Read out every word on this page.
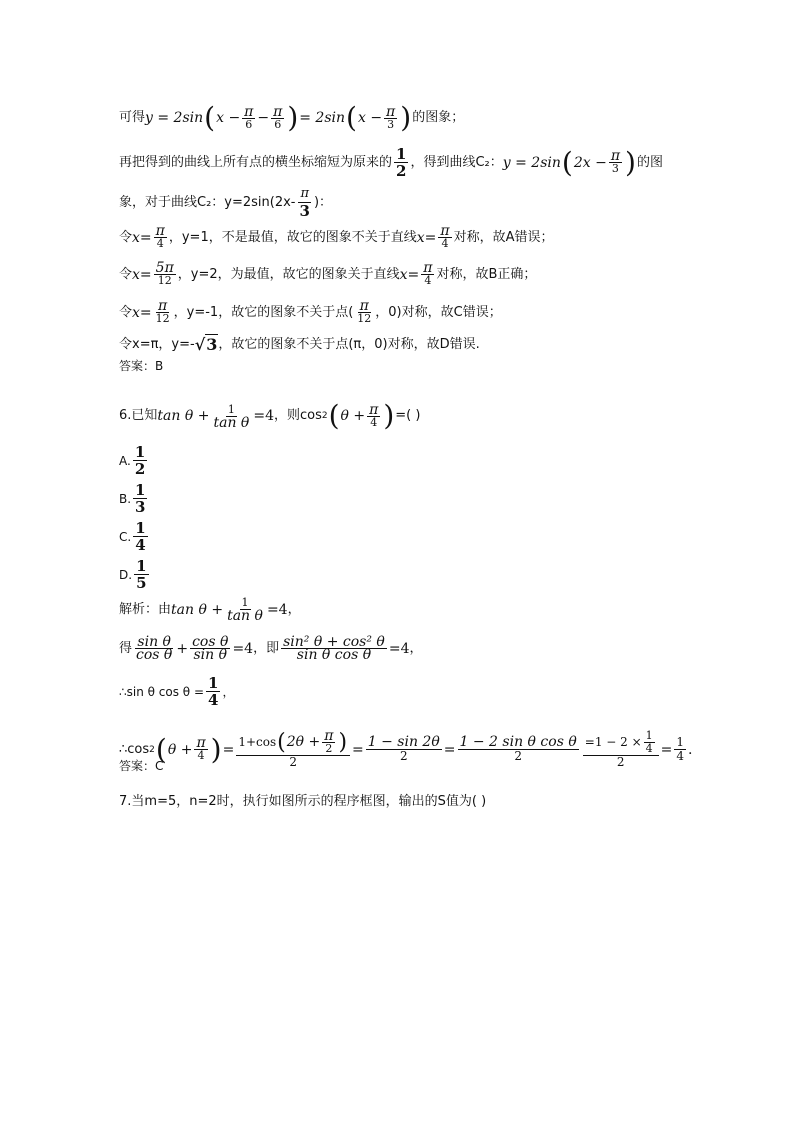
可得 y = 2sin ( $x - \frac{\pi}{6} - \frac{\pi}{6}$ ) = 2sin ( $x - \frac{\pi}{3}$ ) 的图象；
再把得到的曲线上所有点的横坐标缩短为原来的 $\frac{1}{2}$ ，得到曲线C₂： y = 2sin ( $2x - \frac{\pi}{3}$ ) 的图
象，对于曲线C₂：$y=2\sin(2x- \frac{\pi}{3}$ )：
令 $x= \frac{\pi}{4}$ ，y=1，不是最值，故它的图象不关于直线 $x= \frac{\pi}{4}$ 对称，故A错误；
令 $x= \frac{5\pi}{12}$ ，y=2，为最值，故它的图象关于直线 $x= \frac{\pi}{4}$ 对称，故B正确；
令 $x= \frac{\pi}{12}$ ，y=-1，故它的图象不关于点( $\frac{\pi}{12}$ ，0)对称，故C错误；
令x=π，y=- √3 ，故它的图象不关于点(π，0)对称，故D错误.
答案：B
6.已知 $\tan \theta + \frac{1}{\text{tan θ}} =4$ ，则cos 2 ( $\theta + \frac{\pi}{4}$ ) =( )
A. $\frac{1}{2}$
B. $\frac{1}{3}$
C. $\frac{1}{4}$
D. $\frac{1}{5}$
解析：由 $\tan \theta + \frac{1}{\text{tan θ}} =4$ ，
得 $\frac{\text{sin θ}}{\text{cos θ}} + \frac{\text{cos θ}}{\text{sin θ}} =4$ ，即 $\frac{\text{sin² θ + cos² θ}}{\text{sin θ cos θ}} =4$ ，
∴sin θ $\cos \theta = \frac{1}{4}$ ，
∴cos 2 ( $\theta + \frac{\pi}{4}$ ) = $\frac{1+\cos ( 2\theta + \frac{\pi}{2} )}{2} = \frac{1 - \sin 2\theta}{2} = \frac{\text{1 − 2 sin θ cos θ}}{2} \frac{=1 - 2 \times \frac{1}{4}}{2} = \frac{1}{4}$ .
答案：C
7.当m=5，n=2时，执行如图所示的程序框图，输出的S值为( )
